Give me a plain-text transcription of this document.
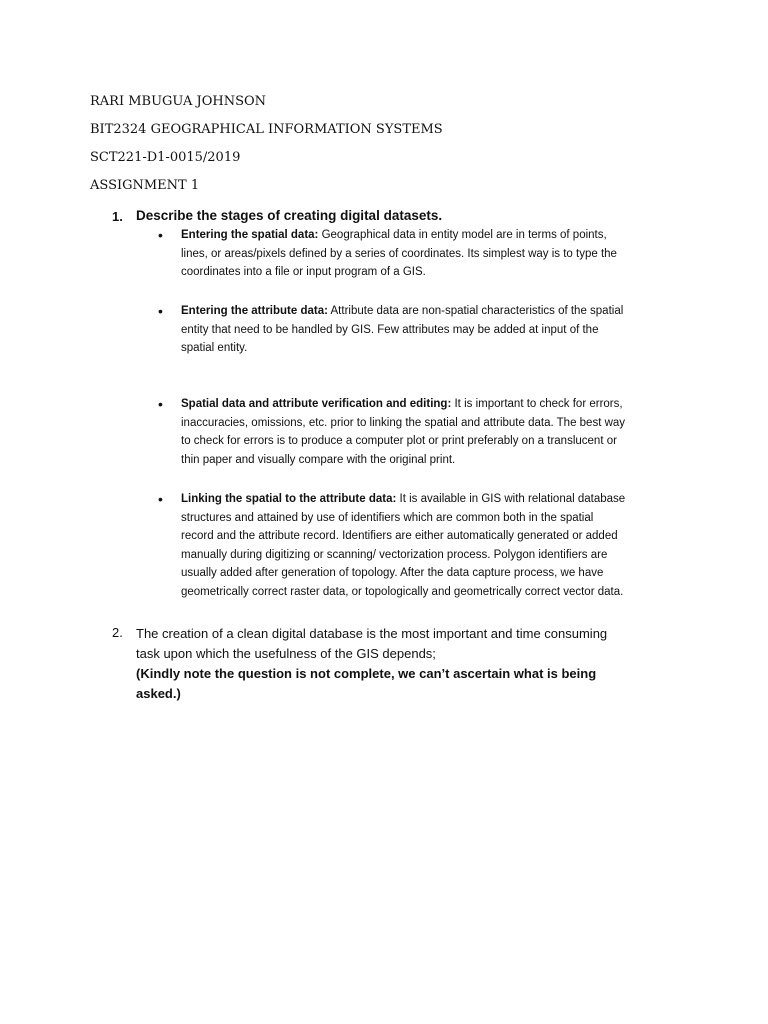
RARI MBUGUA JOHNSON
BIT2324 GEOGRAPHICAL INFORMATION SYSTEMS
SCT221-D1-0015/2019
ASSIGNMENT 1
1. Describe the stages of creating digital datasets.
• Entering the spatial data: Geographical data in entity model are in terms of points,
lines, or areas/pixels defined by a series of coordinates. Its simplest way is to type the
coordinates into a file or input program of a GIS.
• Entering the attribute data: Attribute data are non-spatial characteristics of the spatial
entity that need to be handled by GIS. Few attributes may be added at input of the
spatial entity.
• Spatial data and attribute verification and editing: It is important to check for errors,
inaccuracies, omissions, etc. prior to linking the spatial and attribute data. The best way
to check for errors is to produce a computer plot or print preferably on a translucent or
thin paper and visually compare with the original print.
• Linking the spatial to the attribute data: It is available in GIS with relational database
structures and attained by use of identifiers which are common both in the spatial
record and the attribute record. Identifiers are either automatically generated or added
manually during digitizing or scanning/ vectorization process. Polygon identifiers are
usually added after generation of topology. After the data capture process, we have
geometrically correct raster data, or topologically and geometrically correct vector data.
2. The creation of a clean digital database is the most important and time consuming
task upon which the usefulness of the GIS depends;
(Kindly note the question is not complete, we can’t ascertain what is being
asked.)
